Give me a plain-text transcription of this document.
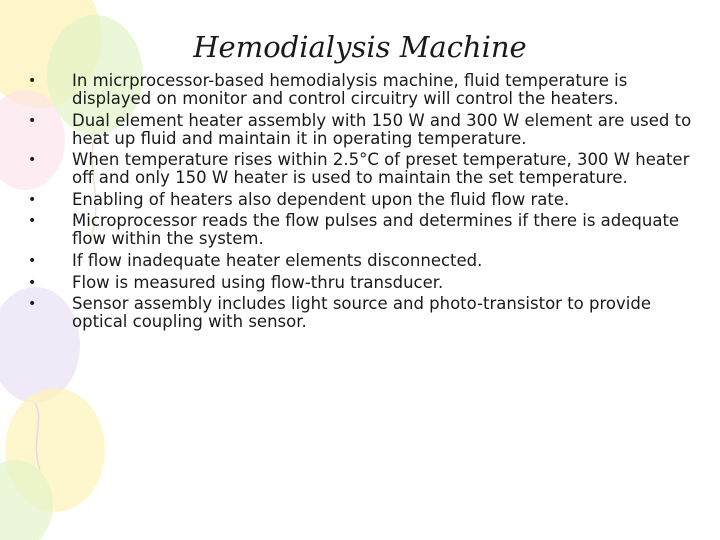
Hemodialysis Machine
•	In micrprocessor-based hemodialysis machine, fluid temperature is displayed on monitor and control circuitry will control the heaters.
•	Dual element heater assembly with 150 W and 300 W element are used to heat up fluid and maintain it in operating temperature.
•	When temperature rises within 2.5°C of preset temperature, 300 W heater off and only 150 W heater is used to maintain the set temperature.
•	Enabling of heaters also dependent upon the fluid flow rate.
•	Microprocessor reads the flow pulses and determines if there is adequate flow within the system.
•	If flow inadequate heater elements disconnected.
•	Flow is measured using flow-thru transducer.
•	Sensor assembly includes light source and photo-transistor to provide optical coupling with sensor.
